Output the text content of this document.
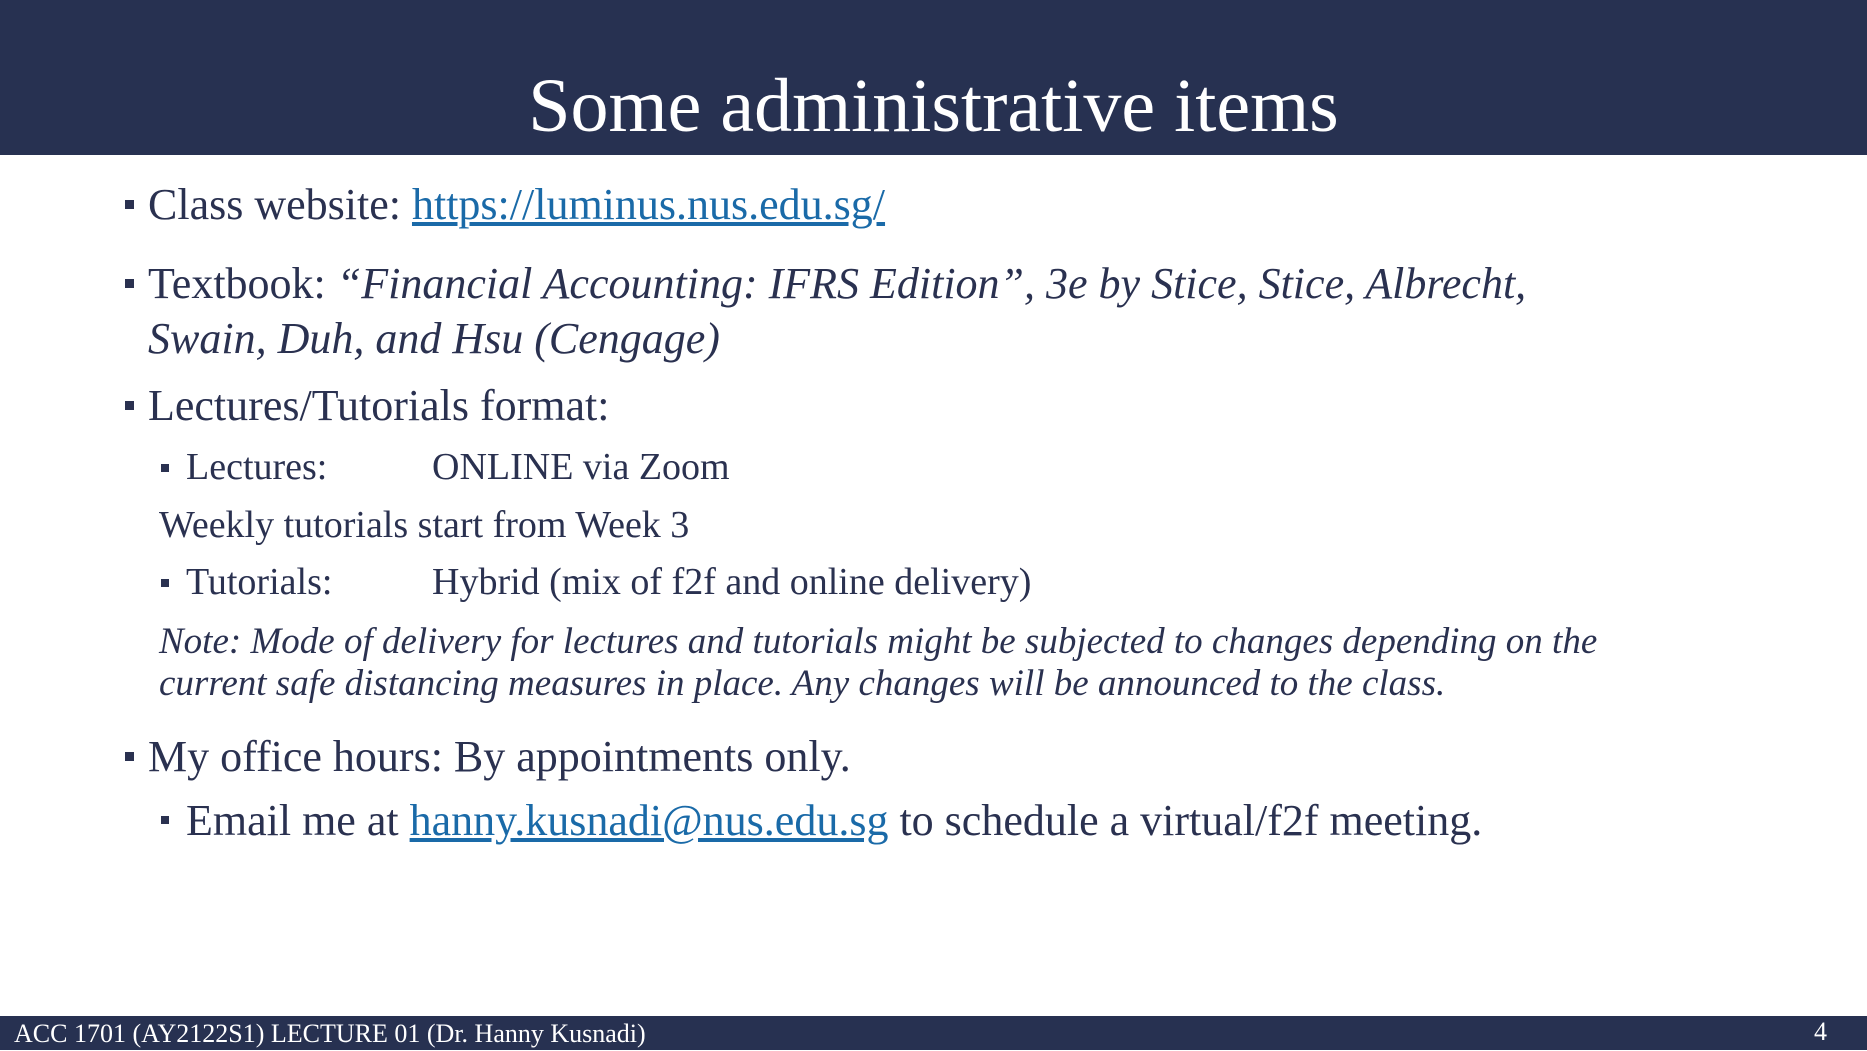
Some administrative items
Class website: https://luminus.nus.edu.sg/
Textbook: “Financial Accounting: IFRS Edition”, 3e by Stice, Stice, Albrecht,
Swain, Duh, and Hsu (Cengage)
Lectures/Tutorials format:
Lectures:	ONLINE via Zoom
Weekly tutorials start from Week 3
Tutorials:	Hybrid (mix of f2f and online delivery)
Note: Mode of delivery for lectures and tutorials might be subjected to changes depending on the
current safe distancing measures in place. Any changes will be announced to the class.
My office hours: By appointments only.
Email me at hanny.kusnadi@nus.edu.sg to schedule a virtual/f2f meeting.
ACC 1701 (AY2122S1) LECTURE 01 (Dr. Hanny Kusnadi)	4
